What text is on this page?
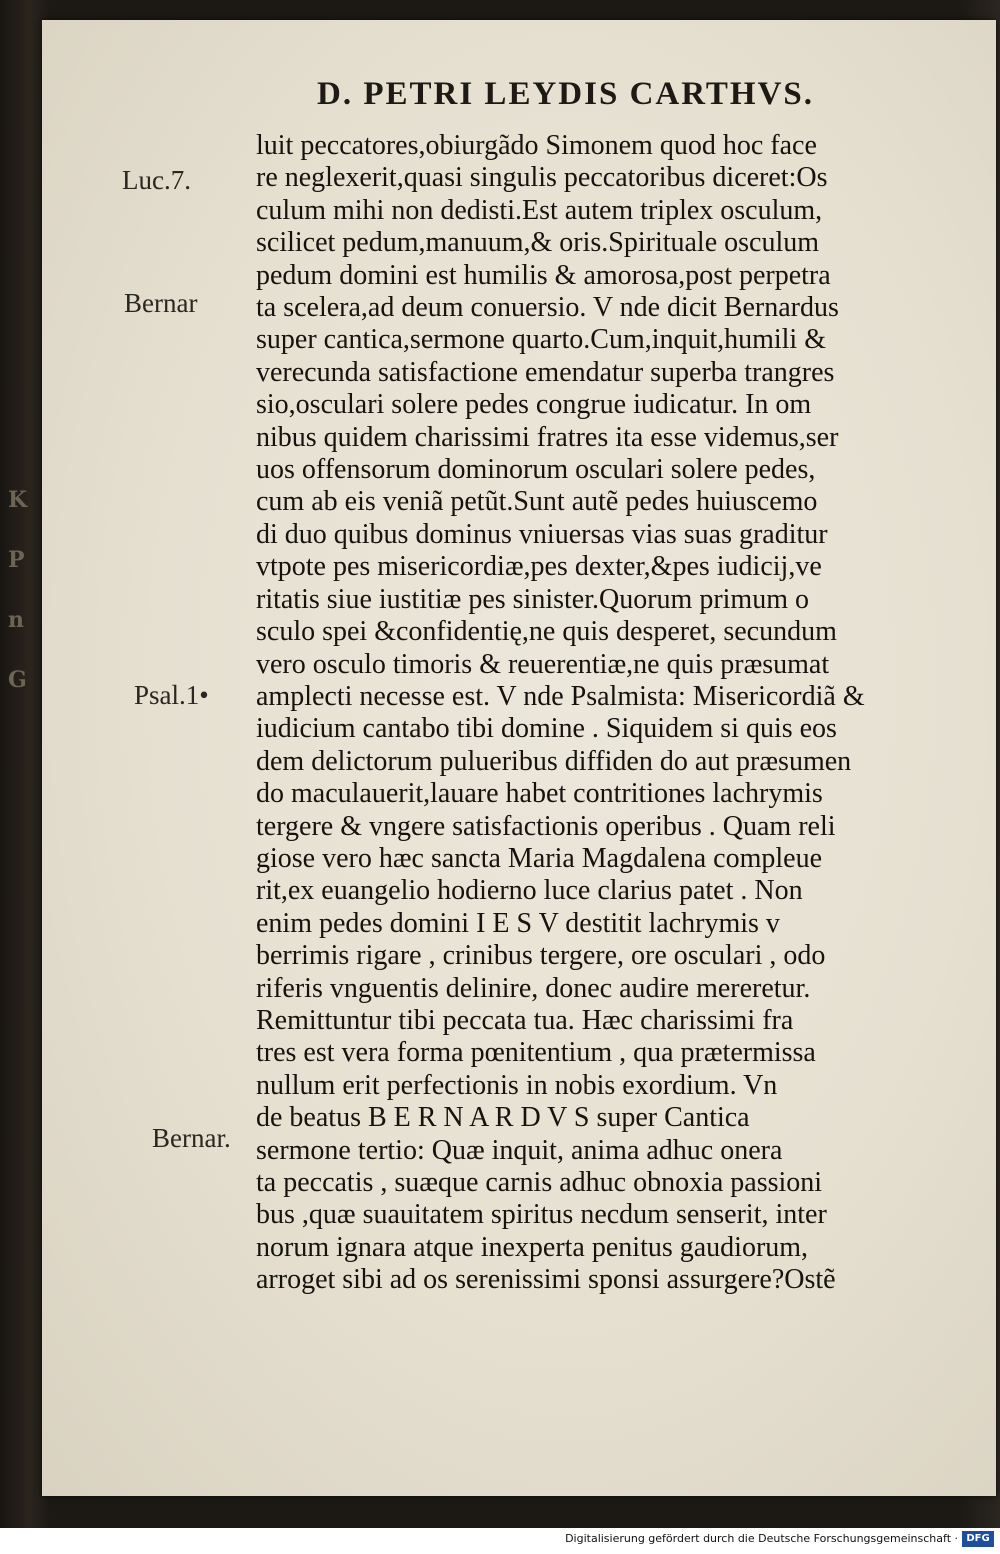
K
P
n
G
D. PETRI LEYDIS CARTHVS.
Luc.7.
Bernar
Psal.1•
Bernar.
luit peccatores,obiurgãdo Simonem quod hoc face
re neglexerit,quasi singulis peccatoribus diceret:Os
culum mihi non dedisti.Est autem triplex osculum,
scilicet pedum,manuum,& oris.Spirituale osculum
pedum domini est humilis & amorosa,post perpetra
ta scelera,ad deum conuersio. V nde dicit Bernardus
super cantica,sermone quarto.Cum,inquit,humili &
verecunda satisfactione emendatur superba trangres
sio,osculari solere pedes congrue iudicatur. In om
nibus quidem charissimi fratres ita esse videmus,ser
uos offensorum dominorum osculari solere pedes,
cum ab eis veniã petũt.Sunt autẽ pedes huiuscemo
di duo quibus dominus vniuersas vias suas graditur
vtpote pes misericordiæ,pes dexter,&pes iudicij,ve
ritatis siue iustitiæ pes sinister.Quorum primum o
sculo spei &confidentię,ne quis desperet, secundum
vero osculo timoris & reuerentiæ,ne quis præsumat
amplecti necesse est. V nde Psalmista: Misericordiã &
iudicium cantabo tibi domine . Siquidem si quis eos
dem delictorum pulueribus diffiden do aut præsumen
do maculauerit,lauare habet contritiones lachrymis
tergere & vngere satisfactionis operibus . Quam reli
giose vero hæc sancta Maria Magdalena compleue
rit,ex euangelio hodierno luce clarius patet . Non
enim pedes domini I E S V destitit lachrymis v
berrimis rigare , crinibus tergere, ore osculari , odo
riferis vnguentis delinire, donec audire mereretur.
Remittuntur tibi peccata tua. Hæc charissimi fra
tres est vera forma pœnitentium , qua prætermissa
nullum erit perfectionis in nobis exordium. Vn
de beatus B E R N A R D V S super Cantica
sermone tertio: Quæ inquit, anima adhuc onera
ta peccatis , suæque carnis adhuc obnoxia passioni
bus ,quæ suauitatem spiritus necdum senserit, inter
norum ignara atque inexperta penitus gaudiorum,
arroget sibi ad os serenissimi sponsi assurgere?Ostẽ
Digitalisierung gefördert durch die Deutsche Forschungsgemeinschaft · DFG
